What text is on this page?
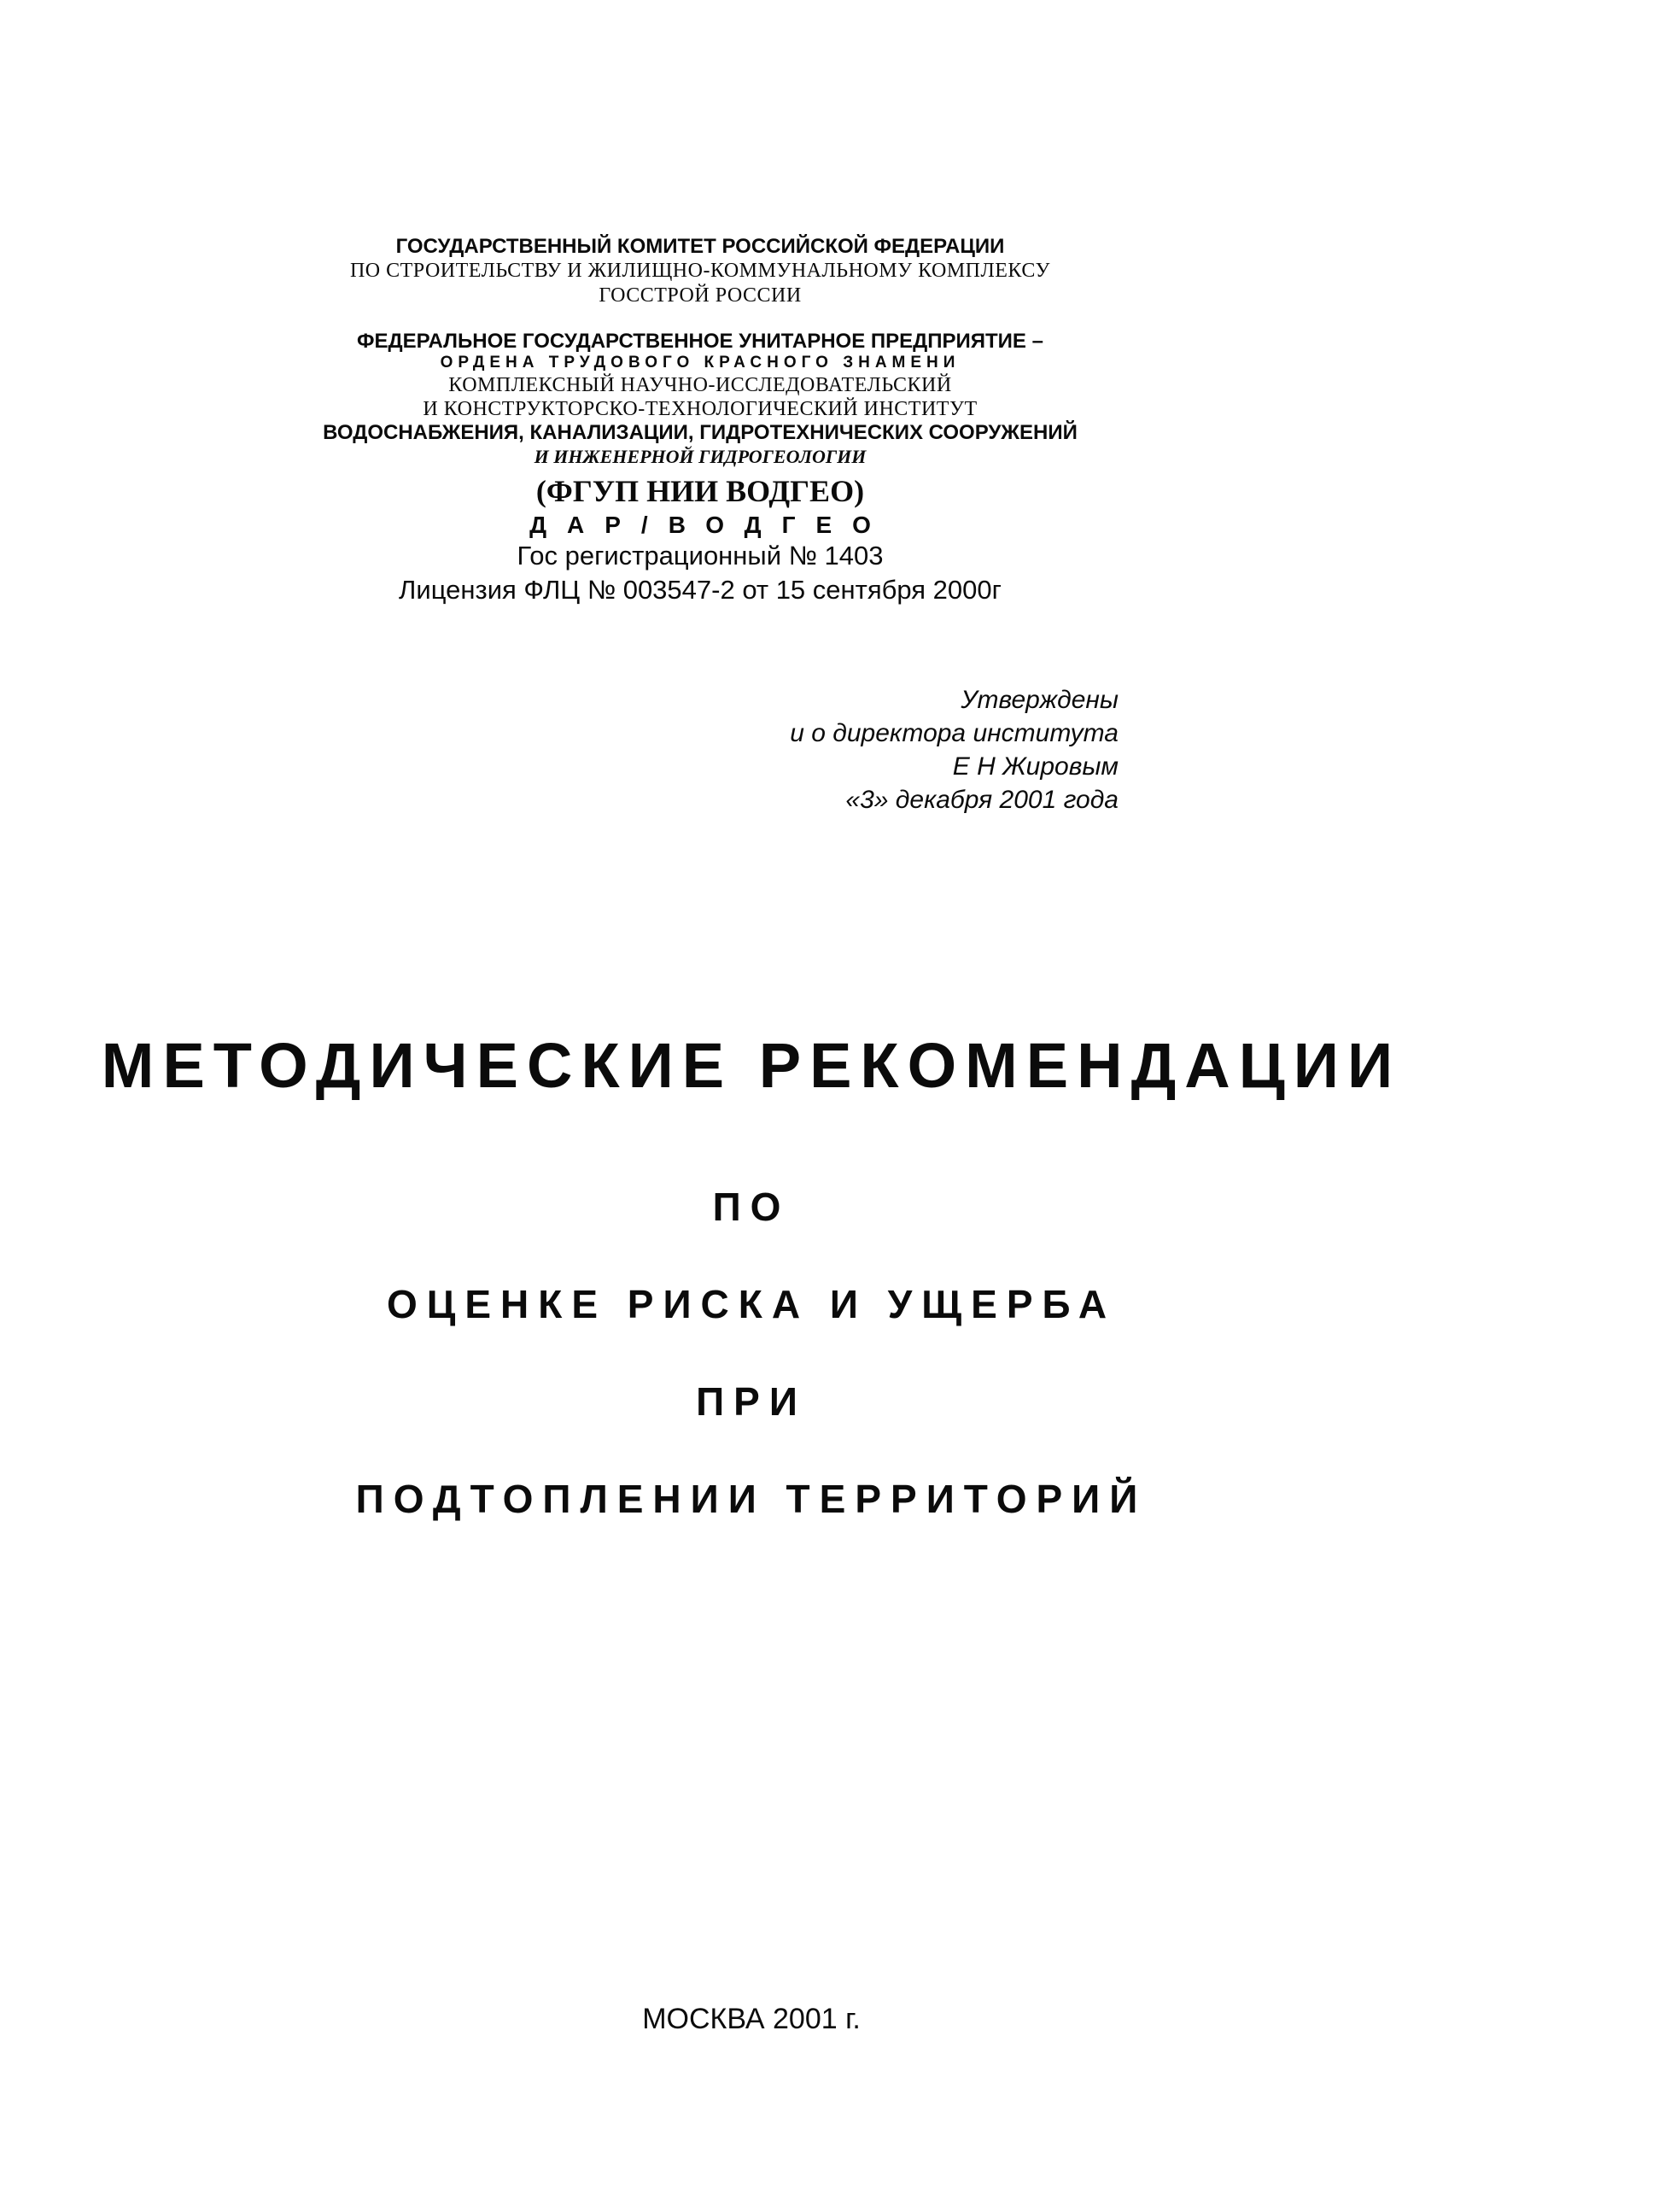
ГОСУДАРСТВЕННЫЙ КОМИТЕТ РОССИЙСКОЙ ФЕДЕРАЦИИ
ПО СТРОИТЕЛЬСТВУ И ЖИЛИЩНО-КОММУНАЛЬНОМУ КОМПЛЕКСУ
ГОССТРОЙ РОССИИ
ФЕДЕРАЛЬНОЕ ГОСУДАРСТВЕННОЕ УНИТАРНОЕ ПРЕДПРИЯТИЕ –
ОРДЕНА ТРУДОВОГО КРАСНОГО ЗНАМЕНИ
КОМПЛЕКСНЫЙ НАУЧНО-ИССЛЕДОВАТЕЛЬСКИЙ
И КОНСТРУКТОРСКО-ТЕХНОЛОГИЧЕСКИЙ ИНСТИТУТ
ВОДОСНАБЖЕНИЯ, КАНАЛИЗАЦИИ, ГИДРОТЕХНИЧЕСКИХ СООРУЖЕНИЙ
И ИНЖЕНЕРНОЙ ГИДРОГЕОЛОГИИ
(ФГУП НИИ ВОДГЕО)
ДАР/ВОДГЕО
Гос регистрационный № 1403
Лицензия ФЛЦ № 003547-2 от 15 сентября 2000г
Утверждены
и о директора института
Е Н Жировым
«3» декабря 2001 года
МЕТОДИЧЕСКИЕ РЕКОМЕНДАЦИИ
ПО
ОЦЕНКЕ РИСКА И УЩЕРБА
ПРИ
ПОДТОПЛЕНИИ ТЕРРИТОРИЙ
МОСКВА 2001 г.
